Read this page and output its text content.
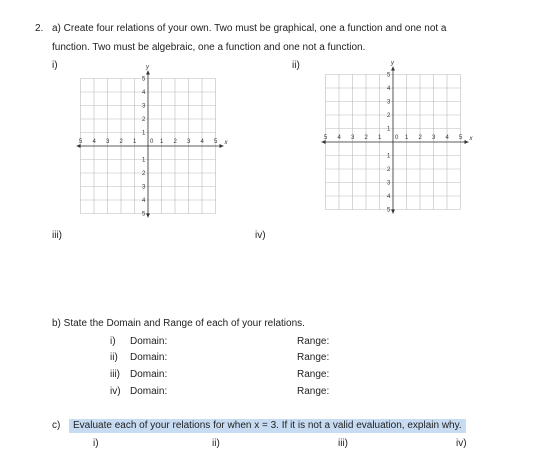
2. a) Create four relations of your own. Two must be graphical, one a function and one not a
function. Two must be algebraic, one a function and one not a function.
i)	ii)
x
y
1
1
2
2
3
3
4
4
5
5
5
5
4
4
3
3
2
2
1
1
0	x
y
1
1
2
2
3
3
4
4
5
5
5
5
4
4
3
3
2
2
1
1
0
iii)	iv)
b) State the Domain and Range of each of your relations.
i) Domain:	Range:
ii) Domain:	Range:
iii) Domain:	Range:
iv) Domain:	Range:
c)	Evaluate each of your relations for when x = 3. If it is not a valid evaluation, explain why.
i)	ii)	iii)	iv)
